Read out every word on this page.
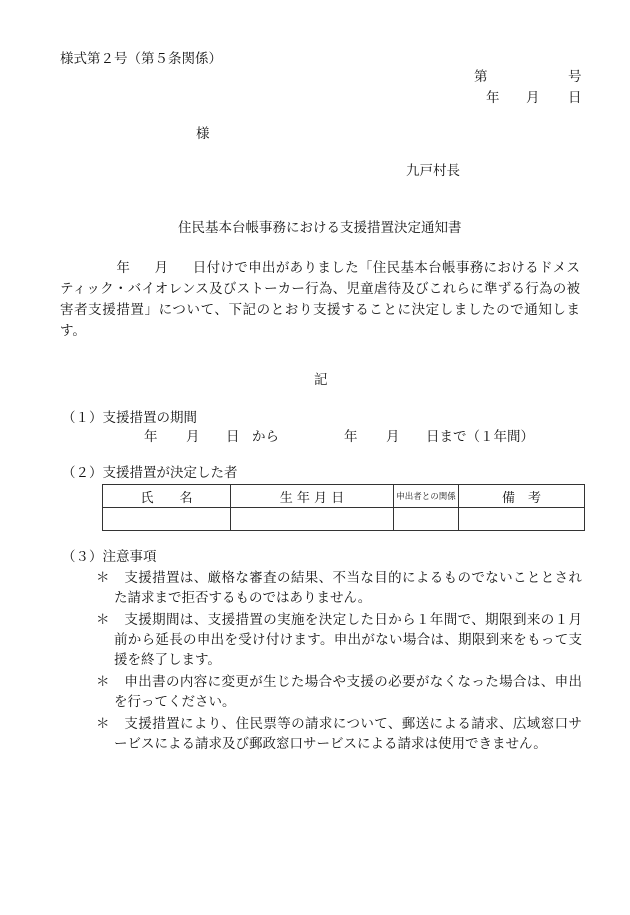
様式第２号（第５条関係）
第	号
年 月 日
様
九戸村長
住民基本台帳事務における支援措置決定通知書
年 月 日付けで申出がありました「住民基本台帳事務におけるドメスティック・バイオレンス及びストーカー行為、児童虐待及びこれらに準ずる行為の被害者支援措置」について、下記のとおり支援することに決定しましたので通知します。
記
（１）支援措置の期間
年 月 日 から	年 月 日まで（１年間）
（２）支援措置が決定した者
氏　　名	生 年 月 日	申出者との関係	備　考

（３）注意事項
＊ 支援措置は、厳格な審査の結果、不当な目的によるものでないこととされた請求まで拒否するものではありません。
＊ 支援期間は、支援措置の実施を決定した日から１年間で、期限到来の１月前から延長の申出を受け付けます。申出がない場合は、期限到来をもって支援を終了します。
＊ 申出書の内容に変更が生じた場合や支援の必要がなくなった場合は、申出を行ってください。
＊ 支援措置により、住民票等の請求について、郵送による請求、広域窓口サービスによる請求及び郵政窓口サービスによる請求は使用できません。
